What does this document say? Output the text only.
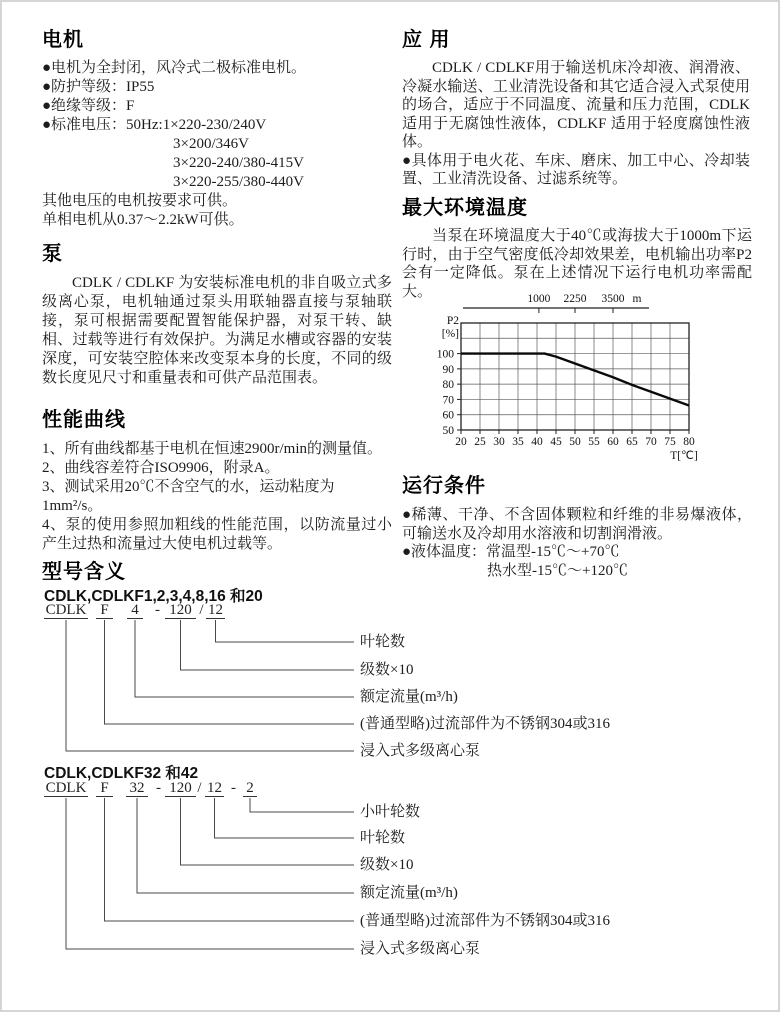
电机

●电机为全封闭，风冷式二极标准电机。

●防护等级：IP55

●绝缘等级：F

●标准电压：50Hz:1×220-230/240V

3×200/346V

3×220-240/380-415V

3×220-255/380-440V

其他电压的电机按要求可供。

单相电机从0.37～2.2kW可供。

泵

CDLK / CDLKF 为安装标准电机的非自吸立式多级离心泵，电机轴通过泵头用联轴器直接与泵轴联接，泵可根据需要配置智能保护器，对泵干转、缺相、过载等进行有效保护。为满足水槽或容器的安装深度，可安装空腔体来改变泵本身的长度，不同的级数长度见尺寸和重量表和可供产品范围表。

性能曲线

1、所有曲线都基于电机在恒速2900r/min的测量值。

2、曲线容差符合ISO9906，附录A。

3、测试采用20℃不含空气的水，运动粘度为1mm²/s。

4、泵的使用参照加粗线的性能范围，以防流量过小产生过热和流量过大使电机过载等。

应 用

CDLK / CDLKF用于输送机床冷却液、润滑液、冷凝水输送、工业清洗设备和其它适合浸入式泵使用的场合，适应于不同温度、流量和压力范围，CDLK 适用于无腐蚀性液体，CDLKF 适用于轻度腐蚀性液体。

●具体用于电火花、车床、磨床、加工中心、冷却装置、工业清洗设备、过滤系统等。

最大环境温度

当泵在环境温度大于40℃或海拔大于1000m下运行时，由于空气密度低冷却效果差，电机输出功率P2会有一定降低。泵在上述情况下运行电机功率需配大。

50
60
70
80
90
100
20 25 30 35 40 45 50 55 60 65 70 75 80
T[℃]
P2
[%]
1000 2250 3500 m
运行条件

●稀薄、干净、不含固体颗粒和纤维的非易爆液体，可输送水及冷却用水溶液和切割润滑液。

●液体温度：常温型-15℃～+70℃

热水型-15℃～+120℃

型号含义
CDLK,CDLKF1,2,3,4,8,16 和20
CDLK,CDLKF32 和42
叶轮数
级数×10
额定流量(m³/h)
(普通型略)过流部件为不锈钢304或316
浸入式多级离心泵
小叶轮数
叶轮数
级数×10
额定流量(m³/h)
(普通型略)过流部件为不锈钢304或316
浸入式多级离心泵
CDLK F 4 - 120 / 12
CDLK F 32 - 120 / 12 - 2
